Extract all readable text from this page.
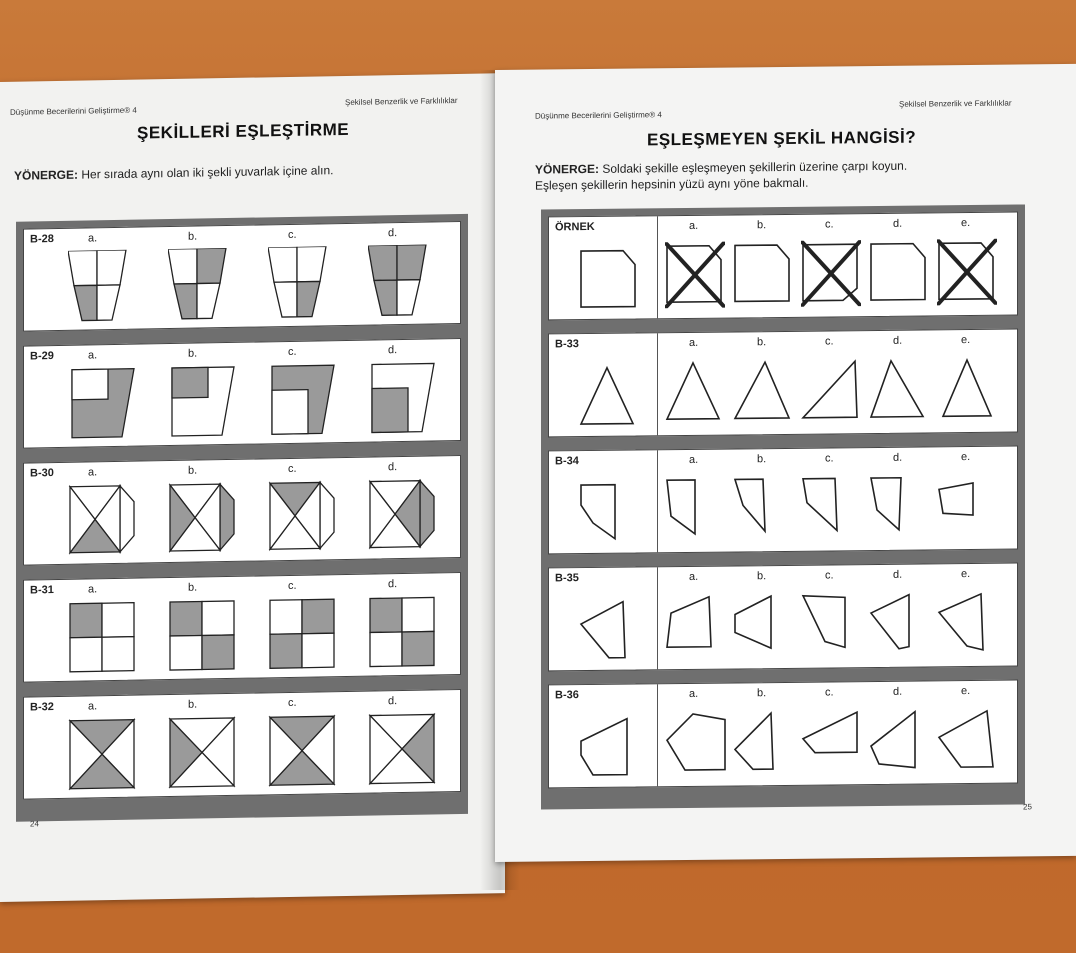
Düşünme Becerilerini Geliştirme® 4
Şekilsel Benzerlik ve Farklılıklar
ŞEKİLLERİ EŞLEŞTİRME
YÖNERGE: Her sırada aynı olan iki şekli yuvarlak içine alın.
B-28	a.	b.	c.	d.
B-29	a.	b.	c.	d.
B-30	a.	b.	c.	d.
B-31	a.	b.	c.	d.
B-32	a.	b.	c.	d.
24
Düşünme Becerilerini Geliştirme® 4
Şekilsel Benzerlik ve Farklılıklar
EŞLEŞMEYEN ŞEKİL HANGİSİ?
YÖNERGE: Soldaki şekille eşleşmeyen şekillerin üzerine çarpı koyun.
Eşleşen şekillerin hepsinin yüzü aynı yöne bakmalı.
ÖRNEK	a.	b.	c.	d.	e.
B-33	a.	b.	c.	d.	e.
B-34	a.	b.	c.	d.	e.
B-35	a.	b.	c.	d.	e.
B-36	a.	b.	c.	d.	e.
25
